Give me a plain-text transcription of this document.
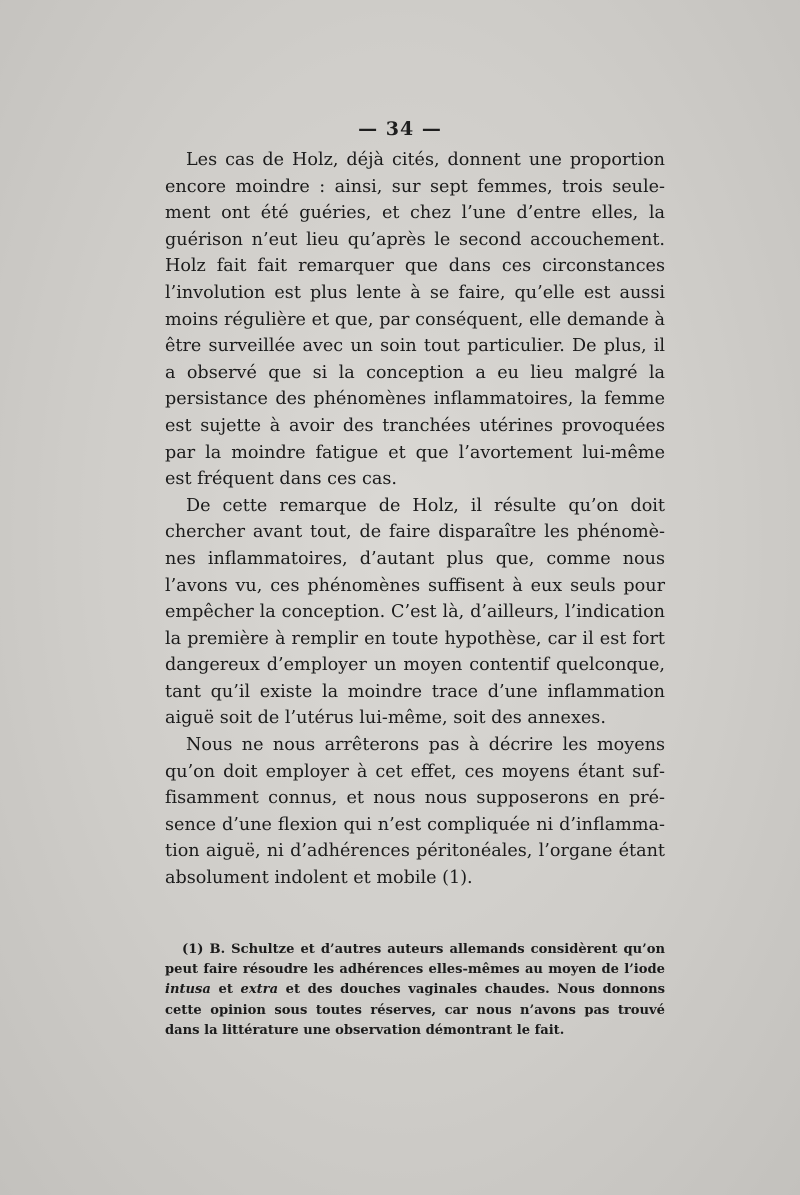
— 34 —

Les cas de Holz, déjà cités, donnent une proportion encore moindre : ainsi, sur sept femmes, trois seulement ont été guéries, et chez l’une d’entre elles, la guérison n’eut lieu qu’après le second accouchement. Holz fait fait remarquer que dans ces circonstances l’involution est plus lente à se faire, qu’elle est aussi moins régulière et que, par conséquent, elle demande à être surveillée avec un soin tout particulier. De plus, il a observé que si la conception a eu lieu malgré la persistance des phénomènes inflammatoires, la femme est sujette à avoir des tranchées utérines provoquées par la moindre fatigue et que l’avortement lui-même est fréquent dans ces cas.

De cette remarque de Holz, il résulte qu’on doit chercher avant tout, de faire disparaître les phénomènes inflammatoires, d’autant plus que, comme nous l’avons vu, ces phénomènes suffisent à eux seuls pour empêcher la conception. C’est là, d’ailleurs, l’indication la première à remplir en toute hypothèse, car il est fort dangereux d’employer un moyen contentif quelconque, tant qu’il existe la moindre trace d’une inflammation aiguë soit de l’utérus lui-même, soit des annexes.

Nous ne nous arrêterons pas à décrire les moyens qu’on doit employer à cet effet, ces moyens étant suffisamment connus, et nous nous supposerons en présence d’une flexion qui n’est compliquée ni d’inflammation aiguë, ni d’adhérences péritonéales, l’organe étant absolument indolent et mobile (1).

(1) B. Schultze et d’autres auteurs allemands considèrent qu’on peut faire résoudre les adhérences elles-mêmes au moyen de l’iode intusa et extra et des douches vaginales chaudes. Nous donnons cette opinion sous toutes réserves, car nous n’avons pas trouvé dans la littérature une observation démontrant le fait.
